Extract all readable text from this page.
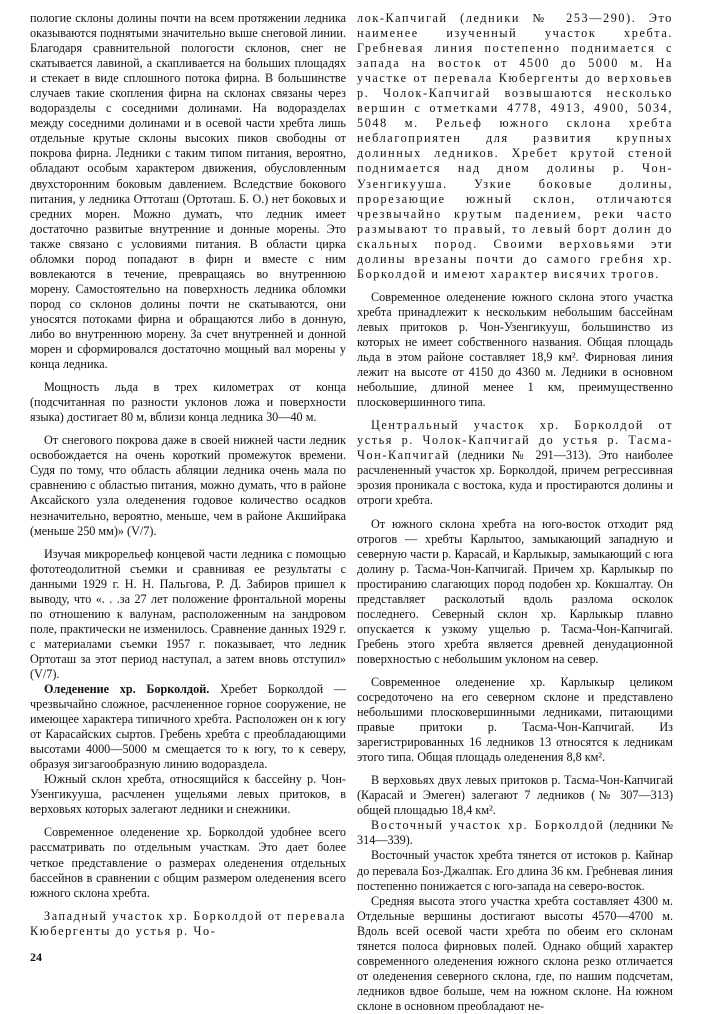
пологие склоны долины почти на всем протяжении ледника оказываются поднятыми значительно выше снеговой линии. Благодаря сравнительной пологости склонов, снег не скатывается лавиной, а скапливается на больших площадях и стекает в виде сплошного потока фирна. В большинстве случаев такие скопления фирна на склонах связаны через водоразделы с соседними долинами. На водоразделах между соседними долинами и в осевой части хребта лишь отдельные крутые склоны высоких пиков свободны от покрова фирна. Ледники с таким типом питания, вероятно, обладают особым характером движения, обусловленным двухсторонним боковым давлением. Вследствие бокового питания, у ледника Оттоташ (Ортоташ. Б. О.) нет боковых и средних морен. Можно думать, что ледник имеет достаточно развитые внутренние и донные морены. Это также связано с условиями питания. В области цирка обломки пород попадают в фирн и вместе с ним вовлекаются в течение, превращаясь во внутреннюю морену. Самостоятельно на поверхность ледника обломки пород со склонов долины почти не скатываются, они уносятся потоками фирна и обращаются либо в донную, либо во внутреннюю морену. За счет внутренней и донной морен и сформировался достаточно мощный вал морены у конца ледника.

Мощность льда в трех километрах от конца (подсчитанная по разности уклонов ложа и поверхности языка) достигает 80 м, вблизи конца ледника 30—40 м.

От снегового покрова даже в своей нижней части ледник освобождается на очень короткий промежуток времени. Судя по тому, что область абляции ледника очень мала по сравнению с областью питания, можно думать, что в районе Аксайского узла оледенения годовое количество осадков незначительно, вероятно, меньше, чем в районе Акшийрака (меньше 250 мм)» (V/7).

Изучая микрорельеф концевой части ледника с помощью фототеодолитной съемки и сравнивая ее результаты с данными 1929 г. Н. Н. Пальгова, Р. Д. Забиров пришел к выводу, что «. . .за 27 лет положение фронтальной морены по отношению к валунам, расположенным на зандровом поле, практически не изменилось. Сравнение данных 1929 г. с материалами съемки 1957 г. показывает, что ледник Ортоташ за этот период наступал, а затем вновь отступил» (V/7).

Оледенение хр. Борколдой. Хребет Борколдой — чрезвычайно сложное, расчлененное горное сооружение, не имеющее характера типичного хребта. Расположен он к югу от Карасайских сыртов. Гребень хребта с преобладающими высотами 4000—5000 м смещается то к югу, то к северу, образуя зигзагообразную линию водораздела.

Южный склон хребта, относящийся к бассейну р. Чон-Узенгикууша, расчленен ущельями левых притоков, в верховьях которых залегают ледники и снежники.

Современное оледенение хр. Борколдой удобнее всего рассматривать по отдельным участкам. Это дает более четкое представление о размерах оледенения отдельных бассейнов в сравнении с общим размером оледенения всего южного склона хребта.

Западный участок хр. Борколдой от перевала Кюбергенты до устья р. Чо-

лок-Капчигай (ледники № 253—290). Это наименее изученный участок хребта. Гребневая линия постепенно поднимается с запада на восток от 4500 до 5000 м. На участке от перевала Кюбергенты до верховьев р. Чолок-Капчигай возвышаются несколько вершин с отметками 4778, 4913, 4900, 5034, 5048 м. Рельеф южного склона хребта неблагоприятен для развития крупных долинных ледников. Хребет крутой стеной поднимается над дном долины р. Чон-Узенгикууша. Узкие боковые долины, прорезающие южный склон, отличаются чрезвычайно крутым падением, реки часто размывают то правый, то левый борт долин до скальных пород. Своими верховьями эти долины врезаны почти до самого гребня хр. Борколдой и имеют характер висячих трогов.

Современное оледенение южного склона этого участка хребта принадлежит к нескольким небольшим бассейнам левых притоков р. Чон-Узенгикууш, большинство из которых не имеет собственного названия. Общая площадь льда в этом районе составляет 18,9 км². Фирновая линия лежит на высоте от 4150 до 4360 м. Ледники в основном небольшие, длиной менее 1 км, преимущественно плосковершинного типа.

Центральный участок хр. Борколдой от устья р. Чолок-Капчигай до устья р. Тасма-Чон-Капчигай (ледники № 291—313). Это наиболее расчлененный участок хр. Борколдой, причем регрессивная эрозия проникала с востока, куда и простираются долины и отроги хребта.

От южного склона хребта на юго-восток отходит ряд отрогов — хребты Карлытоо, замыкающий западную и северную части р. Карасай, и Карлыкыр, замыкающий с юга долину р. Тасма-Чон-Капчигай. Причем хр. Карлыкыр по простиранию слагающих пород подобен хр. Кокшалтау. Он представляет расколотый вдоль разлома осколок последнего. Северный склон хр. Карлыкыр плавно опускается к узкому ущелью р. Тасма-Чон-Капчигай. Гребень этого хребта является древней денудационной поверхностью с небольшим уклоном на север.

Современное оледенение хр. Карлыкыр целиком сосредоточено на его северном склоне и представлено небольшими плосковершинными ледниками, питающими правые притоки р. Тасма-Чон-Капчигай. Из зарегистрированных 16 ледников 13 относятся к ледникам этого типа. Общая площадь оледенения 8,8 км².

В верховьях двух левых притоков р. Тасма-Чон-Капчигай (Карасай и Эмеген) залегают 7 ледников (№ 307—313) общей площадью 18,4 км².

Восточный участок хр. Борколдой (ледники № 314—339).

Восточный участок хребта тянется от истоков р. Кайнар до перевала Боз-Джалпак. Его длина 36 км. Гребневая линия постепенно понижается с юго-запада на северо-восток.

Средняя высота этого участка хребта составляет 4300 м. Отдельные вершины достигают высоты 4570—4700 м. Вдоль всей осевой части хребта по обеим его склонам тянется полоса фирновых полей. Однако общий характер современного оледенения южного склона резко отличается от оледенения северного склона, где, по нашим подсчетам, ледников вдвое больше, чем на южном склоне. На южном склоне в основном преобладают не-

24
